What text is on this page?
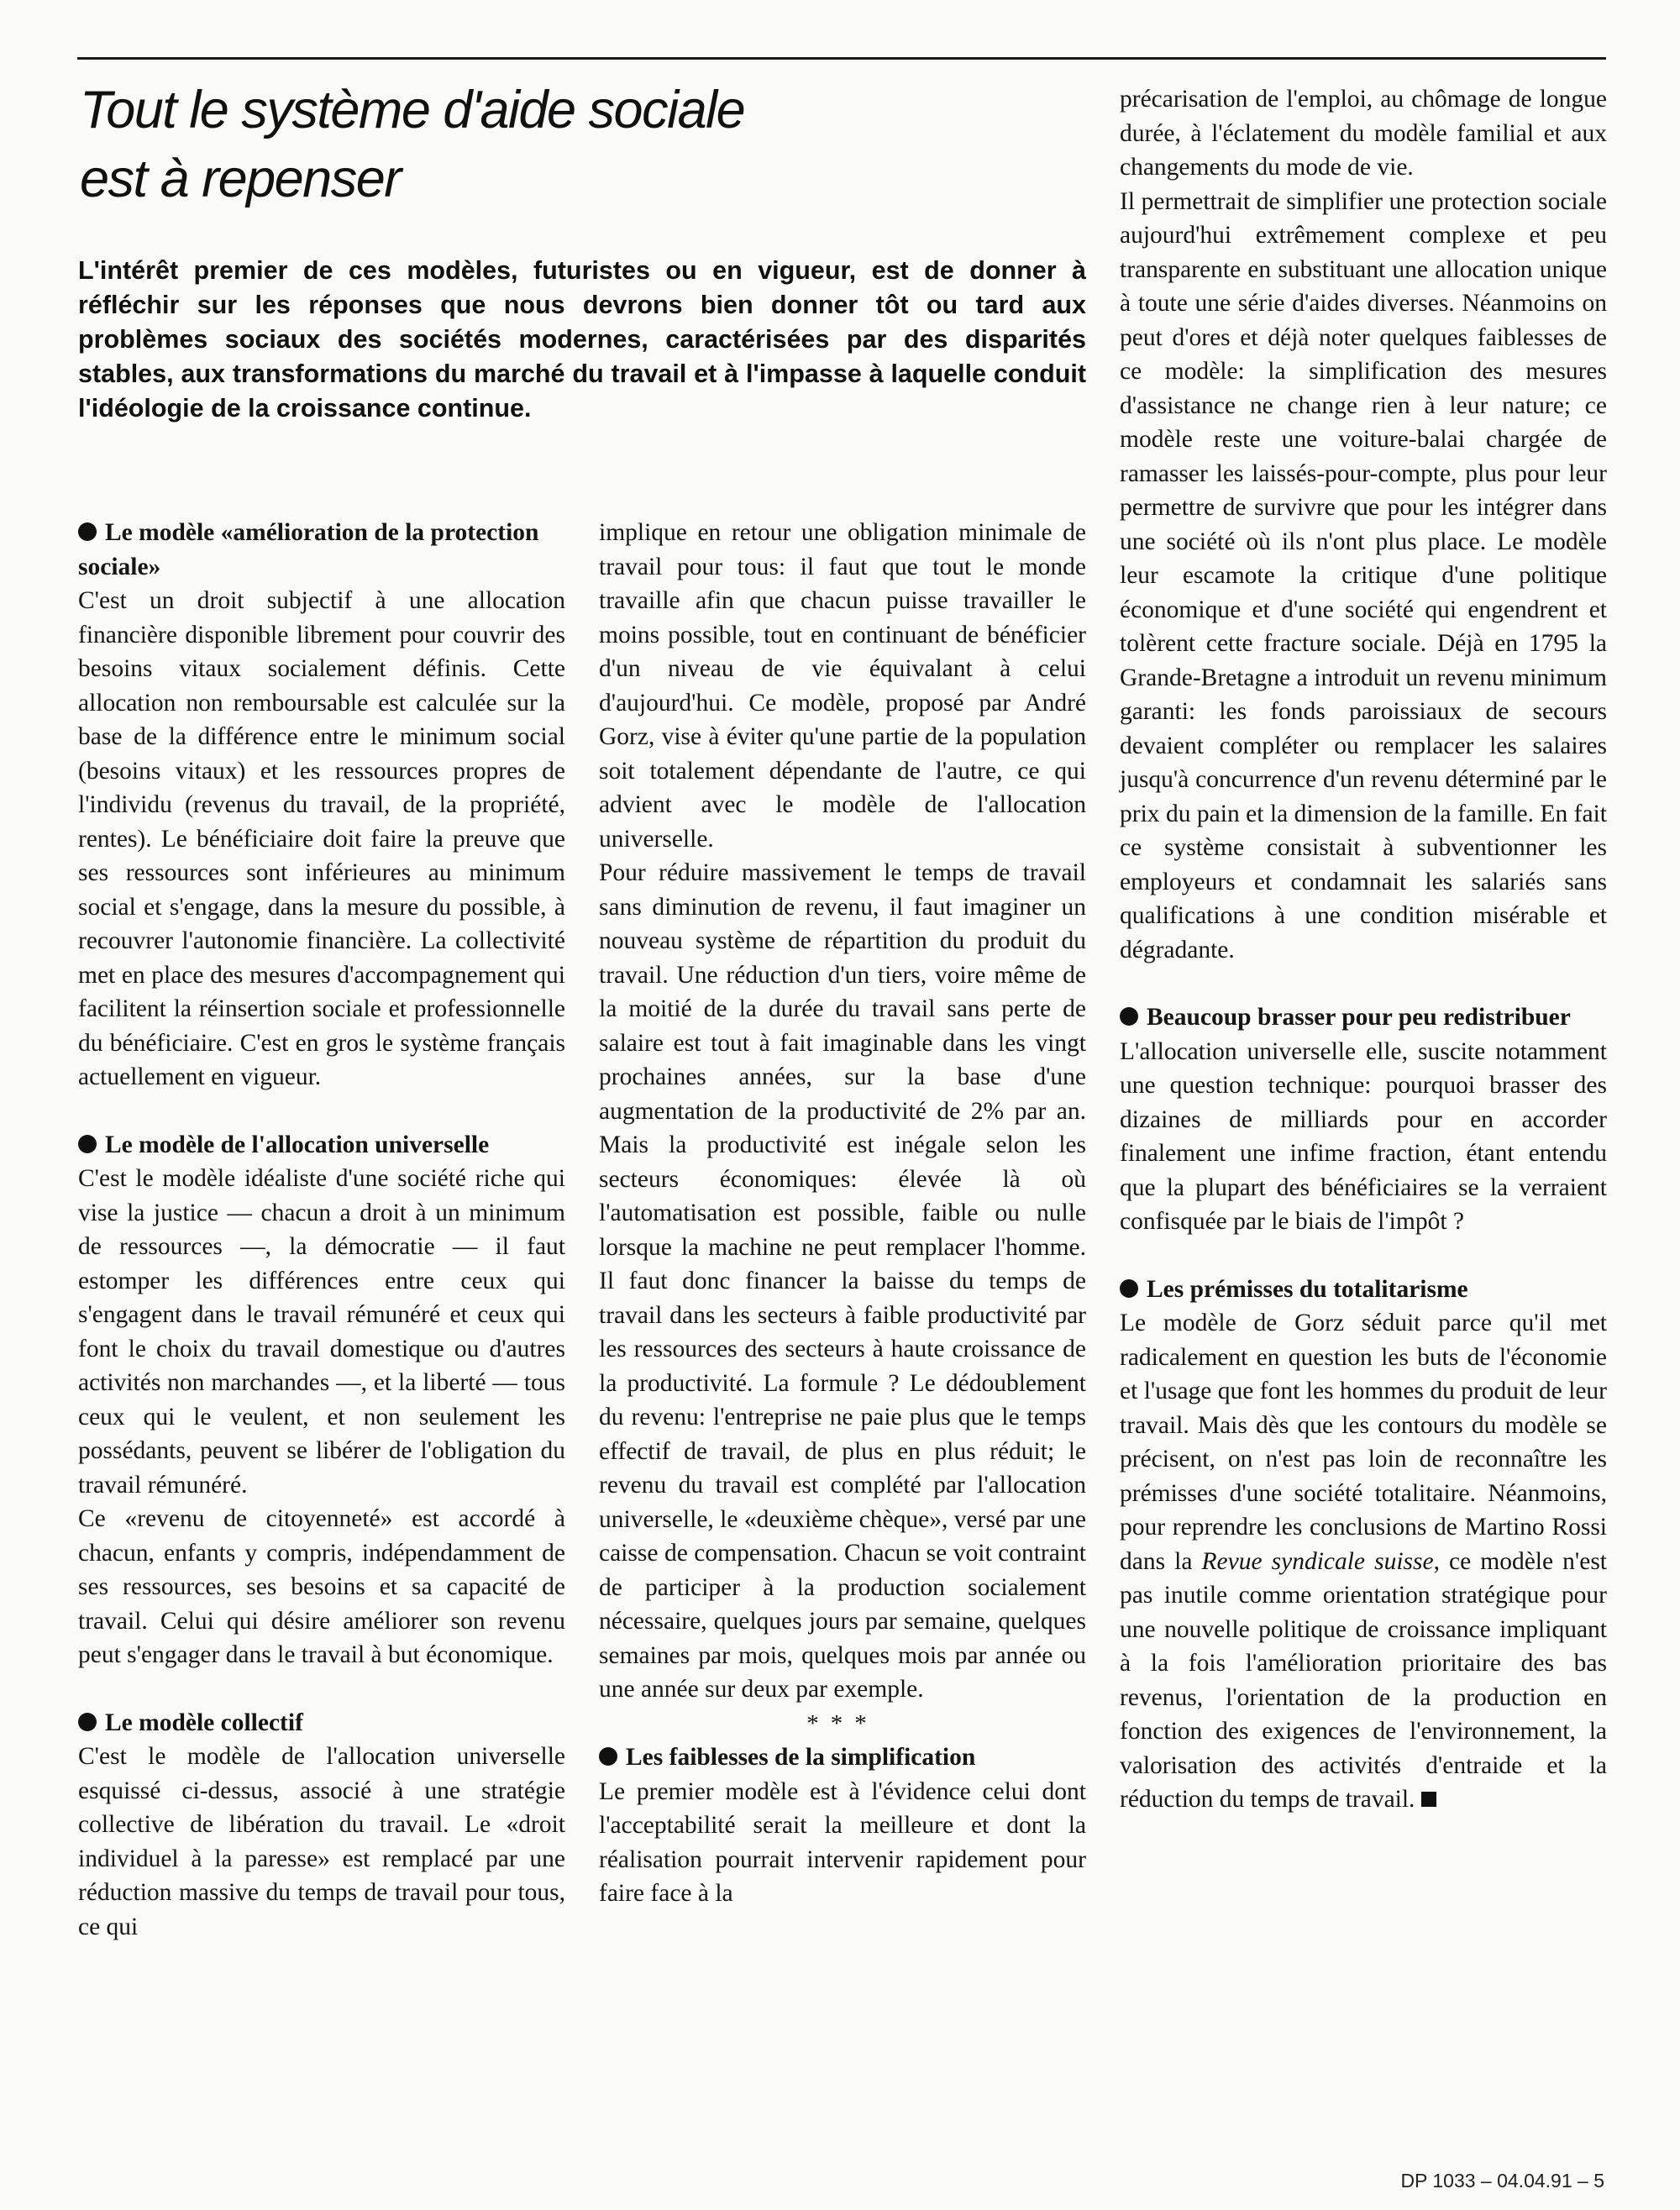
Tout le système d'aide sociale
est à repenser

L'intérêt premier de ces modèles, futuristes ou en vigueur, est de donner à réfléchir sur les réponses que nous devrons bien donner tôt ou tard aux problèmes sociaux des sociétés modernes, caractérisées par des disparités stables, aux transformations du marché du travail et à l'impasse à laquelle conduit l'idéologie de la croissance continue.

Le modèle «amélioration de la protection sociale»

C'est un droit subjectif à une allocation financière disponible librement pour couvrir des besoins vitaux socialement définis. Cette allocation non remboursable est calculée sur la base de la différence entre le minimum social (besoins vitaux) et les ressources propres de l'individu (revenus du travail, de la propriété, rentes). Le bénéficiaire doit faire la preuve que ses ressources sont inférieures au minimum social et s'engage, dans la mesure du possible, à recouvrer l'autonomie financière. La collectivité met en place des mesures d'accompagnement qui facilitent la réinsertion sociale et professionnelle du bénéficiaire. C'est en gros le système français actuellement en vigueur.

Le modèle de l'allocation universelle

C'est le modèle idéaliste d'une société riche qui vise la justice — chacun a droit à un minimum de ressources —, la démocratie — il faut estomper les différences entre ceux qui s'engagent dans le travail rémunéré et ceux qui font le choix du travail domestique ou d'autres activités non marchandes —, et la liberté — tous ceux qui le veulent, et non seulement les possédants, peuvent se libérer de l'obligation du travail rémunéré.

Ce «revenu de citoyenneté» est accordé à chacun, enfants y compris, indépendamment de ses ressources, ses besoins et sa capacité de travail. Celui qui désire améliorer son revenu peut s'engager dans le travail à but économique.

Le modèle collectif

C'est le modèle de l'allocation universelle esquissé ci-dessus, associé à une stratégie collective de libération du travail. Le «droit individuel à la paresse» est remplacé par une réduction massive du temps de travail pour tous, ce qui

implique en retour une obligation minimale de travail pour tous: il faut que tout le monde travaille afin que chacun puisse travailler le moins possible, tout en continuant de bénéficier d'un niveau de vie équivalant à celui d'aujourd'hui. Ce modèle, proposé par André Gorz, vise à éviter qu'une partie de la population soit totalement dépendante de l'autre, ce qui advient avec le modèle de l'allocation universelle.

Pour réduire massivement le temps de travail sans diminution de revenu, il faut imaginer un nouveau système de répartition du produit du travail. Une réduction d'un tiers, voire même de la moitié de la durée du travail sans perte de salaire est tout à fait imaginable dans les vingt prochaines années, sur la base d'une augmentation de la productivité de 2% par an. Mais la productivité est inégale selon les secteurs économiques: élevée là où l'automatisation est possible, faible ou nulle lorsque la machine ne peut remplacer l'homme. Il faut donc financer la baisse du temps de travail dans les secteurs à faible productivité par les ressources des secteurs à haute croissance de la productivité. La formule ? Le dédoublement du revenu: l'entreprise ne paie plus que le temps effectif de travail, de plus en plus réduit; le revenu du travail est complété par l'allocation universelle, le «deuxième chèque», versé par une caisse de compensation. Chacun se voit contraint de participer à la production socialement nécessaire, quelques jours par semaine, quelques semaines par mois, quelques mois par année ou une année sur deux par exemple.

***

Les faiblesses de la simplification

Le premier modèle est à l'évidence celui dont l'acceptabilité serait la meilleure et dont la réalisation pourrait intervenir rapidement pour faire face à la

précarisation de l'emploi, au chômage de longue durée, à l'éclatement du modèle familial et aux changements du mode de vie.

Il permettrait de simplifier une protection sociale aujourd'hui extrêmement complexe et peu transparente en substituant une allocation unique à toute une série d'aides diverses. Néanmoins on peut d'ores et déjà noter quelques faiblesses de ce modèle: la simplification des mesures d'assistance ne change rien à leur nature; ce modèle reste une voiture-balai chargée de ramasser les laissés-pour-compte, plus pour leur permettre de survivre que pour les intégrer dans une société où ils n'ont plus place. Le modèle leur escamote la critique d'une politique économique et d'une société qui engendrent et tolèrent cette fracture sociale. Déjà en 1795 la Grande-Bretagne a introduit un revenu minimum garanti: les fonds paroissiaux de secours devaient compléter ou remplacer les salaires jusqu'à concurrence d'un revenu déterminé par le prix du pain et la dimension de la famille. En fait ce système consistait à subventionner les employeurs et condamnait les salariés sans qualifications à une condition misérable et dégradante.

Beaucoup brasser pour peu redistribuer

L'allocation universelle elle, suscite notamment une question technique: pourquoi brasser des dizaines de milliards pour en accorder finalement une infime fraction, étant entendu que la plupart des bénéficiaires se la verraient confisquée par le biais de l'impôt ?

Les prémisses du totalitarisme

Le modèle de Gorz séduit parce qu'il met radicalement en question les buts de l'économie et l'usage que font les hommes du produit de leur travail. Mais dès que les contours du modèle se précisent, on n'est pas loin de reconnaître les prémisses d'une société totalitaire. Néanmoins, pour reprendre les conclusions de Martino Rossi dans la Revue syndicale suisse, ce modèle n'est pas inutile comme orientation stratégique pour une nouvelle politique de croissance impliquant à la fois l'amélioration prioritaire des bas revenus, l'orientation de la production en fonction des exigences de l'environnement, la valorisation des activités d'entraide et la réduction du temps de travail.

DP 1033 – 04.04.91 – 5
